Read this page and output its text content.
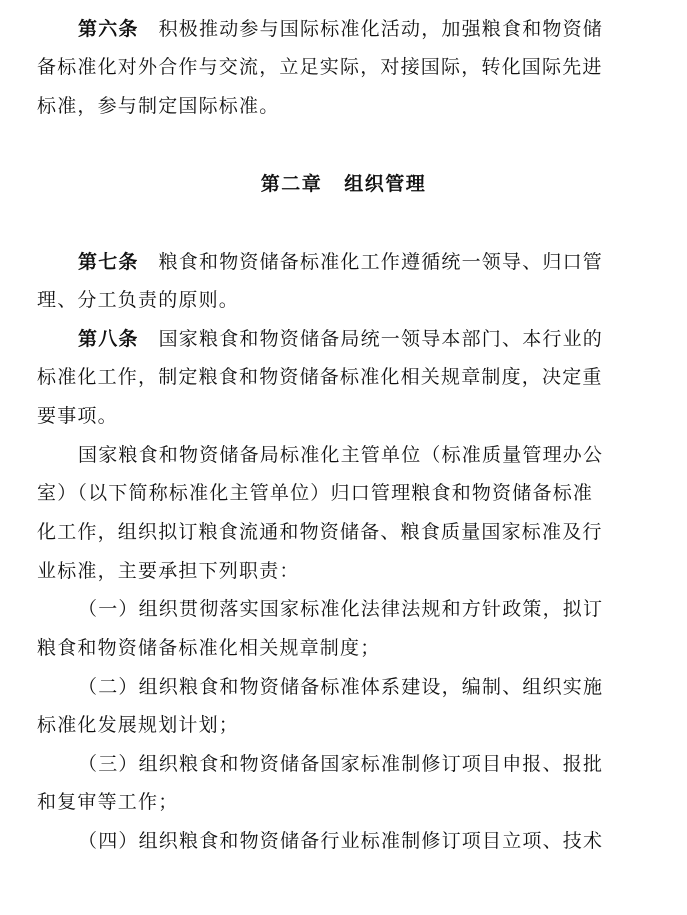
第六条 积极推动参与国际标准化活动，加强粮食和物资储
备标准化对外合作与交流，立足实际，对接国际，转化国际先进
标准，参与制定国际标准。
第二章 组织管理
第七条 粮食和物资储备标准化工作遵循统一领导、归口管
理、分工负责的原则。
第八条 国家粮食和物资储备局统一领导本部门、本行业的
标准化工作，制定粮食和物资储备标准化相关规章制度，决定重
要事项。
国家粮食和物资储备局标准化主管单位（标准质量管理办公
室）（以下简称标准化主管单位）归口管理粮食和物资储备标准
化工作，组织拟订粮食流通和物资储备、粮食质量国家标准及行
业标准，主要承担下列职责：
（一）组织贯彻落实国家标准化法律法规和方针政策，拟订
粮食和物资储备标准化相关规章制度；
（二）组织粮食和物资储备标准体系建设，编制、组织实施
标准化发展规划计划；
（三）组织粮食和物资储备国家标准制修订项目申报、报批
和复审等工作；
（四）组织粮食和物资储备行业标准制修订项目立项、技术
